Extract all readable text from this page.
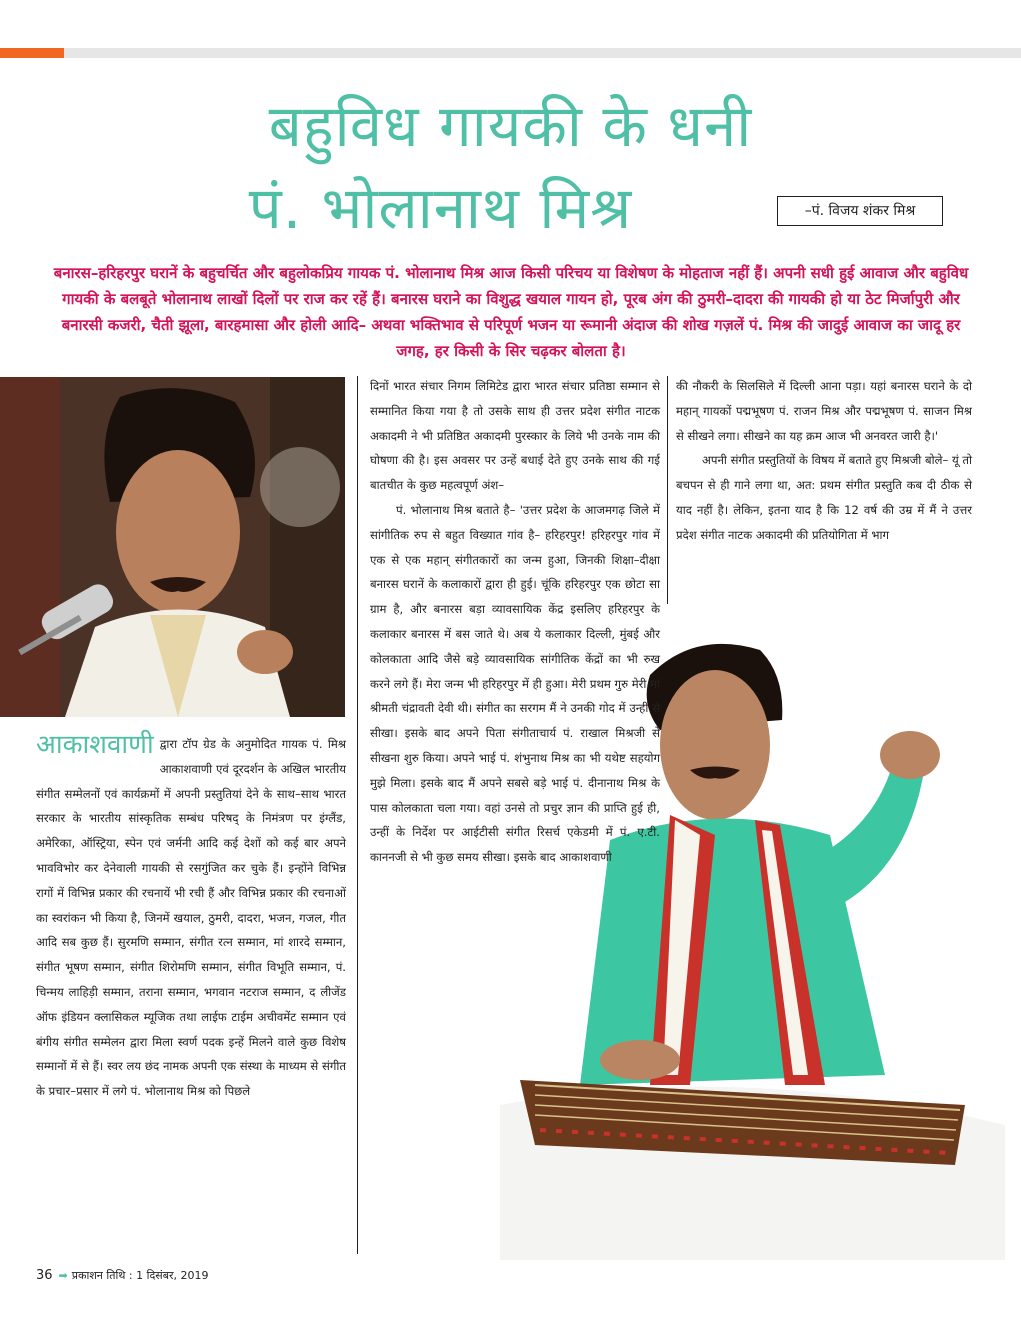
बहुविध गायकी के धनी
पं. भोलानाथ मिश्र	–पं. विजय शंकर मिश्र

बनारस–हरिहरपुर घरानें के बहुचर्चित और बहुलोकप्रिय गायक पं. भोलानाथ मिश्र आज किसी परिचय या विशेषण के मोहताज नहीं हैं। अपनी सधी हुई आवाज और बहुविध गायकी के बलबूते भोलानाथ लाखों दिलों पर राज कर रहें हैं। बनारस घराने का विशुद्ध खयाल गायन हो, पूरब अंग की ठुमरी–दादरा की गायकी हो या ठेट मिर्जापुरी और बनारसी कजरी, चैती झूला, बारहमासा और होली आदि– अथवा भक्तिभाव से परिपूर्ण भजन या रूमानी अंदाज की शोख गज़लें पं. मिश्र की जादुई आवाज का जादू हर जगह, हर किसी के सिर चढ़कर बोलता है।

आकाशवाणी द्वारा टॉप ग्रेड के अनुमोदित गायक पं. मिश्र आकाशवाणी एवं दूरदर्शन के अखिल भारतीय संगीत सम्मेलनों एवं कार्यक्रमों में अपनी प्रस्तुतियां देने के साथ–साथ भारत सरकार के भारतीय सांस्कृतिक सम्बंध परिषद् के निमंत्रण पर इंग्लैंड, अमेरिका, ऑस्ट्रिया, स्पेन एवं जर्मनी आदि कई देशों को कई बार अपने भावविभोर कर देनेवाली गायकी से रसगुंजित कर चुके हैं। इन्होंने विभिन्न रागों में विभिन्न प्रकार की रचनायें भी रची हैं और विभिन्न प्रकार की रचनाओं का स्वरांकन भी किया है, जिनमें खयाल, ठुमरी, दादरा, भजन, गजल, गीत आदि सब कुछ हैं। सुरमणि सम्मान, संगीत रत्न सम्मान, मां शारदे सम्मान, संगीत भूषण सम्मान, संगीत शिरोमणि सम्मान, संगीत विभूति सम्मान, पं. चिन्मय लाहिड़ी सम्मान, तराना सम्मान, भगवान नटराज सम्मान, द लीजेंड ऑफ इंडियन क्लासिकल म्यूजिक तथा लाईफ टाईम अचीवमेंट सम्मान एवं बंगीय संगीत सम्मेलन द्वारा मिला स्वर्ण पदक इन्हें मिलने वाले कुछ विशेष सम्मानों में से हैं। स्वर लय छंद नामक अपनी एक संस्था के माध्यम से संगीत के प्रचार–प्रसार में लगे पं. भोलानाथ मिश्र को पिछले

दिनों भारत संचार निगम लिमिटेड द्वारा भारत संचार प्रतिष्ठा सम्मान से सम्मानित किया गया है तो उसके साथ ही उत्तर प्रदेश संगीत नाटक अकादमी ने भी प्रतिष्ठित अकादमी पुरस्कार के लिये भी उनके नाम की घोषणा की है। इस अवसर पर उन्हें बधाई देते हुए उनके साथ की गई बातचीत के कुछ महत्वपूर्ण अंश–

पं. भोलानाथ मिश्र बताते है– 'उत्तर प्रदेश के आजमगढ़ जिले में सांगीतिक रुप से बहुत विख्यात गांव है– हरिहरपुर! हरिहरपुर गांव में एक से एक महान् संगीतकारों का जन्म हुआ, जिनकी शिक्षा–दीक्षा बनारस घरानें के कलाकारों द्वारा ही हुई। चूंकि हरिहरपुर एक छोटा सा ग्राम है, और बनारस बड़ा व्यावसायिक केंद्र इसलिए हरिहरपुर के कलाकार बनारस में बस जाते थे। अब ये कलाकार दिल्ली, मुंबई और कोलकाता आदि जैसे बड़े व्यावसायिक सांगीतिक केंद्रों का भी रुख करने लगे हैं। मेरा जन्म भी हरिहरपुर में ही हुआ। मेरी प्रथम गुरु मेरी मां श्रीमती चंद्रावती देवी थी। संगीत का सरगम मैं ने उनकी गोद में उन्हीं से सीखा। इसके बाद अपने पिता संगीताचार्य पं. राखाल मिश्रजी से सीखना शुरु किया। अपने भाई पं. शंभुनाथ मिश्र का भी यथेष्ट सहयोग मुझे मिला। इसके बाद मैं अपने सबसे बड़े भाई पं. दीनानाथ मिश्र के पास कोलकाता चला गया। वहां उनसे तो प्रचुर ज्ञान की प्राप्ति हुई ही, उन्हीं के निर्देश पर आईटीसी संगीत रिसर्च एकेडमी में पं. ए.टी. काननजी से भी कुछ समय सीखा। इसके बाद आकाशवाणी

की नौकरी के सिलसिले में दिल्ली आना पड़ा। यहां बनारस घराने के दो महान् गायकों पद्मभूषण पं. राजन मिश्र और पद्मभूषण पं. साजन मिश्र से सीखने लगा। सीखने का यह क्रम आज भी अनवरत जारी है।'

अपनी संगीत प्रस्तुतियों के विषय में बताते हुए मिश्रजी बोले– यूं तो बचपन से ही गाने लगा था, अत: प्रथम संगीत प्रस्तुति कब दी ठीक से याद नहीं है। लेकिन, इतना याद है कि 12 वर्ष की उम्र में मैं ने उत्तर प्रदेश संगीत नाटक अकादमी की प्रतियोगिता में भाग

36 ➡ प्रकाशन तिथि : 1 दिसंबर, 2019
